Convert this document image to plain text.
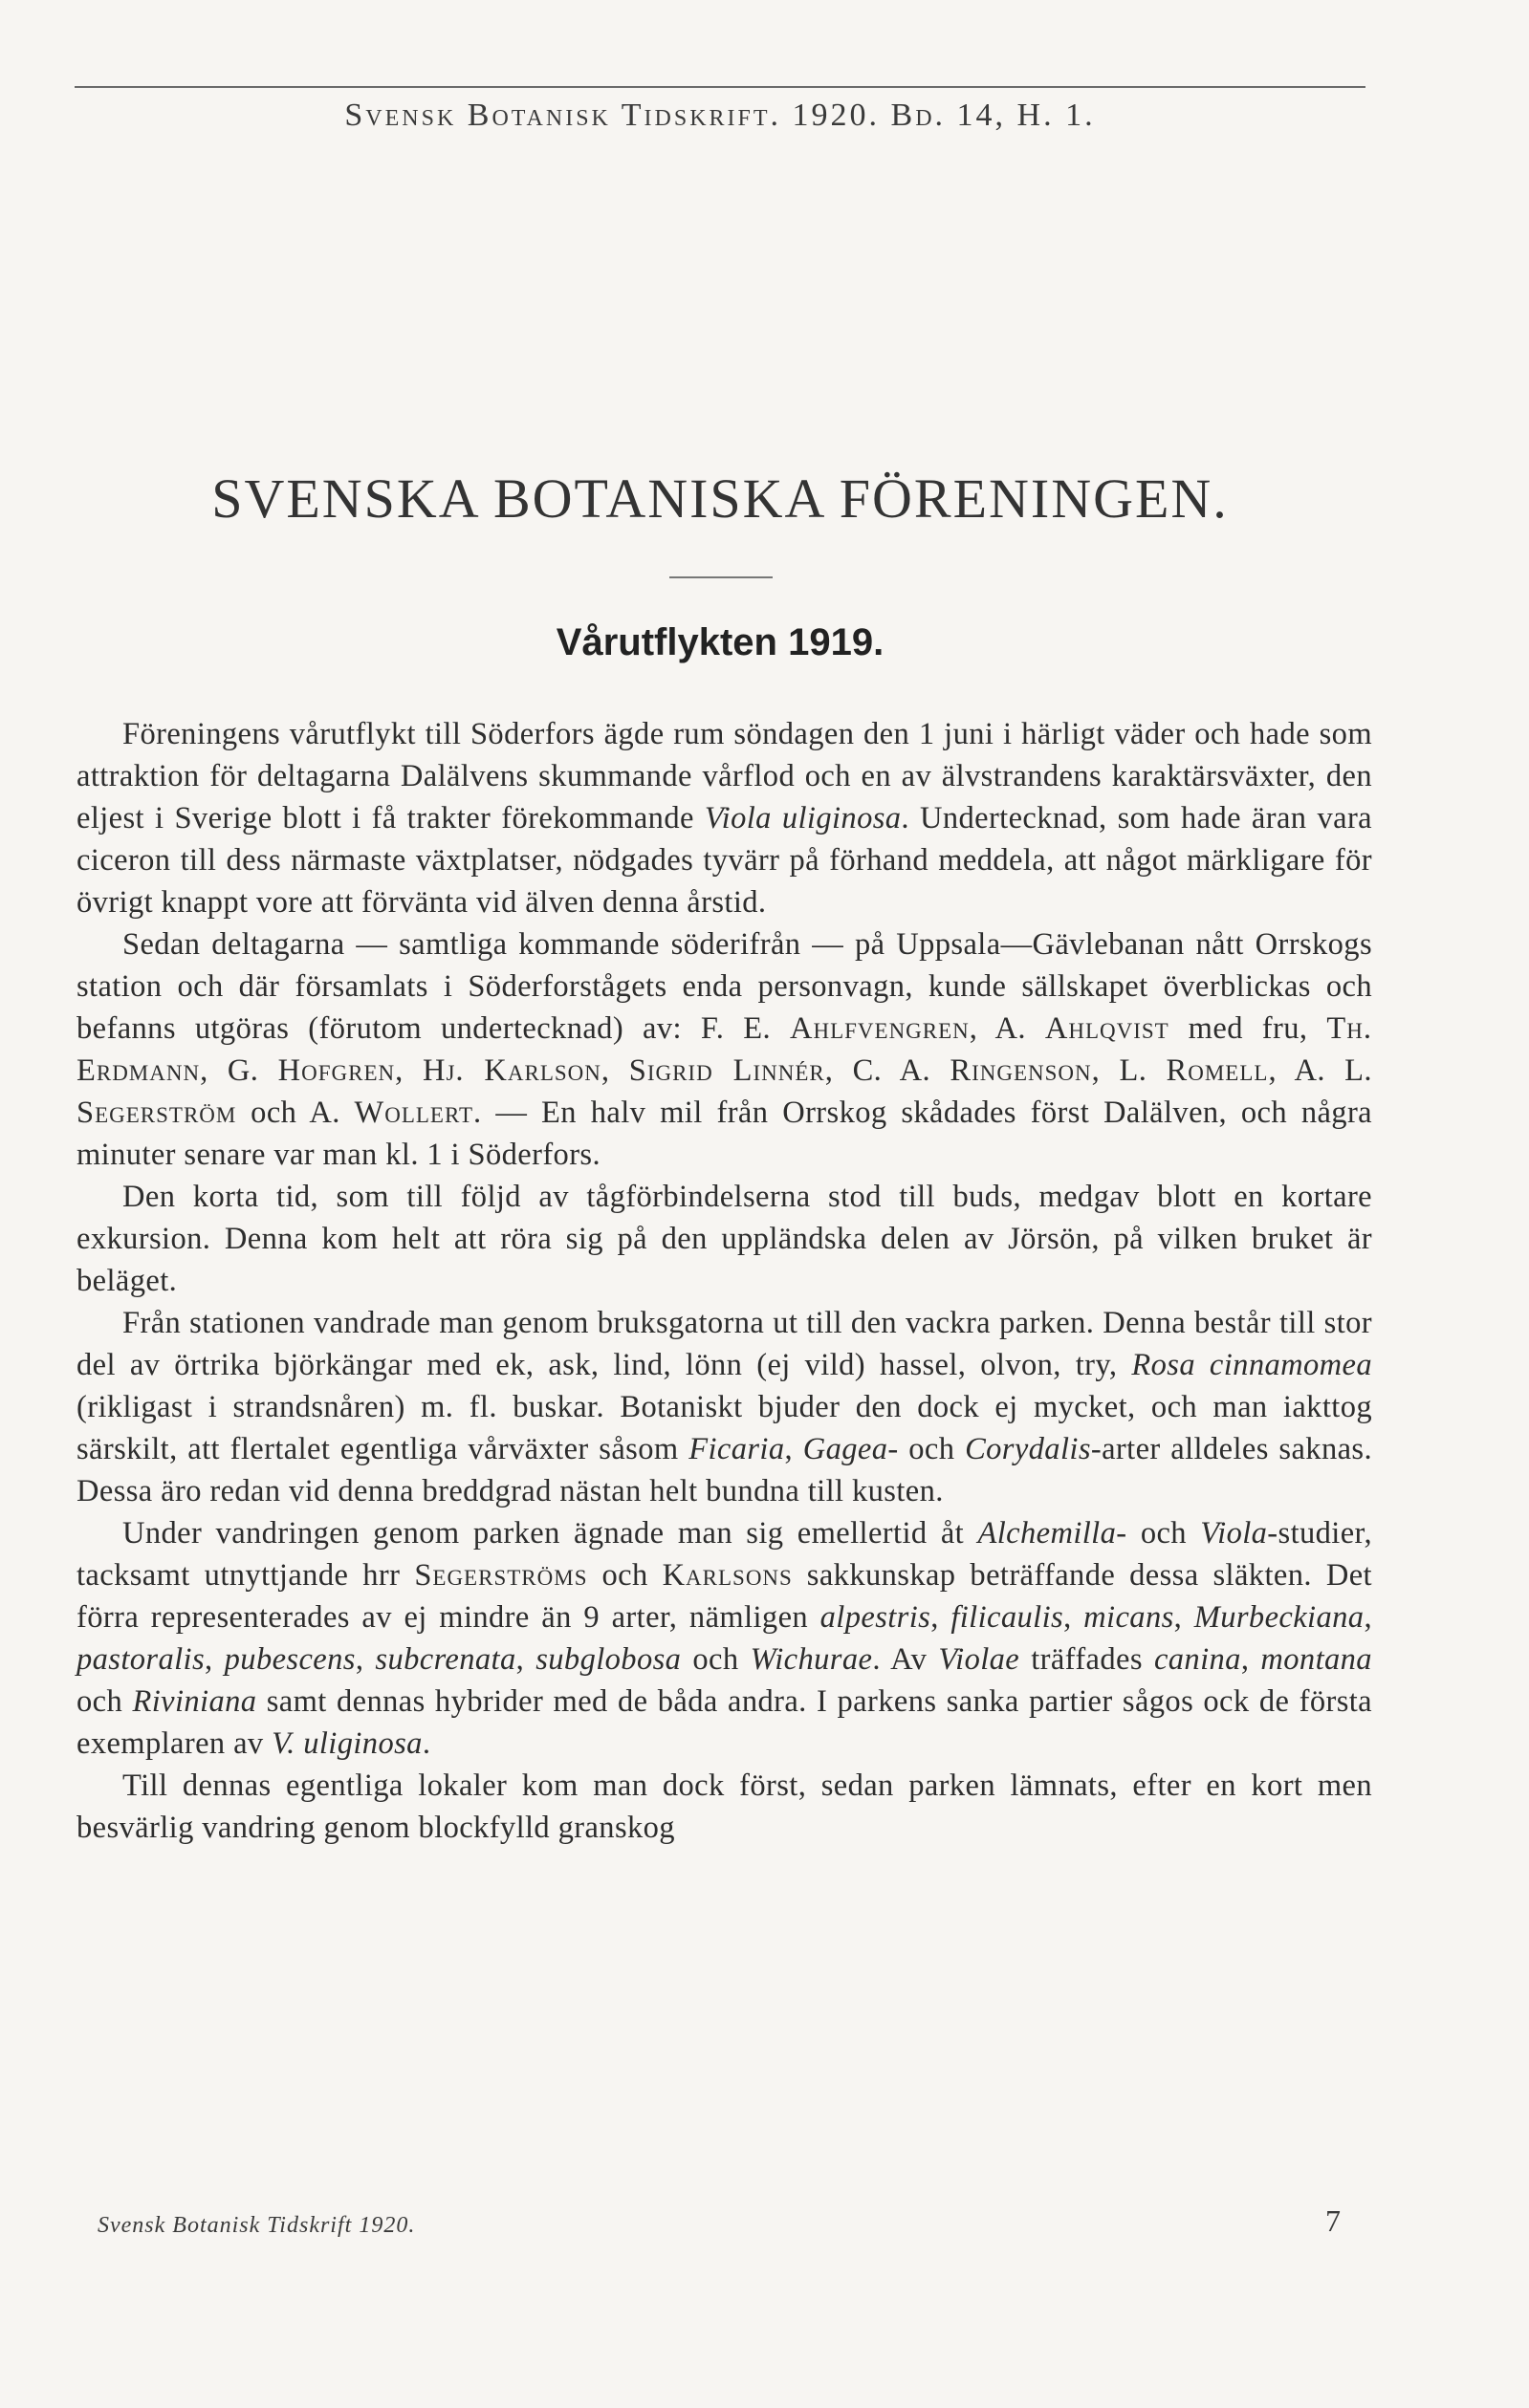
Svensk Botanisk Tidskrift. 1920. Bd. 14, H. 1.
SVENSKA BOTANISKA FÖRENINGEN.
Vårutflykten 1919.

Föreningens vårutflykt till Söderfors ägde rum söndagen den 1 juni i härligt väder och hade som attraktion för deltagarna Dalälvens skummande vårflod och en av älvstrandens karaktärsväxter, den eljest i Sverige blott i få trakter förekommande Viola uliginosa. Undertecknad, som hade äran vara ciceron till dess närmaste växtplatser, nödgades tyvärr på förhand meddela, att något märkligare för övrigt knappt vore att förvänta vid älven denna årstid.

Sedan deltagarna — samtliga kommande söderifrån — på Uppsala—Gävlebanan nått Orrskogs station och där församlats i Söderforstågets enda personvagn, kunde sällskapet överblickas och befanns utgöras (förutom undertecknad) av: F. E. Ahlfvengren, A. Ahlqvist med fru, Th. Erdmann, G. Hofgren, Hj. Karlson, Sigrid Linnér, C. A. Ringenson, L. Romell, A. L. Segerström och A. Wollert. — En halv mil från Orrskog skådades först Dalälven, och några minuter senare var man kl. 1 i Söderfors.

Den korta tid, som till följd av tågförbindelserna stod till buds, medgav blott en kortare exkursion. Denna kom helt att röra sig på den uppländska delen av Jörsön, på vilken bruket är beläget.

Från stationen vandrade man genom bruksgatorna ut till den vackra parken. Denna består till stor del av örtrika björkängar med ek, ask, lind, lönn (ej vild) hassel, olvon, try, Rosa cinnamomea (rikligast i strandsnåren) m. fl. buskar. Botaniskt bjuder den dock ej mycket, och man iakttog särskilt, att flertalet egentliga vårväxter såsom Ficaria, Gagea- och Corydalis-arter alldeles saknas. Dessa äro redan vid denna breddgrad nästan helt bundna till kusten.

Under vandringen genom parken ägnade man sig emellertid åt Alchemilla- och Viola-studier, tacksamt utnyttjande hrr Segerströms och Karlsons sakkunskap beträffande dessa släkten. Det förra representerades av ej mindre än 9 arter, nämligen alpestris, filicaulis, micans, Murbeckiana, pastoralis, pubescens, subcrenata, subglobosa och Wichurae. Av Violae träffades canina, montana och Riviniana samt dennas hybrider med de båda andra. I parkens sanka partier sågos ock de första exemplaren av V. uliginosa.

Till dennas egentliga lokaler kom man dock först, sedan parken lämnats, efter en kort men besvärlig vandring genom blockfylld granskog

Svensk Botanisk Tidskrift 1920.	7
